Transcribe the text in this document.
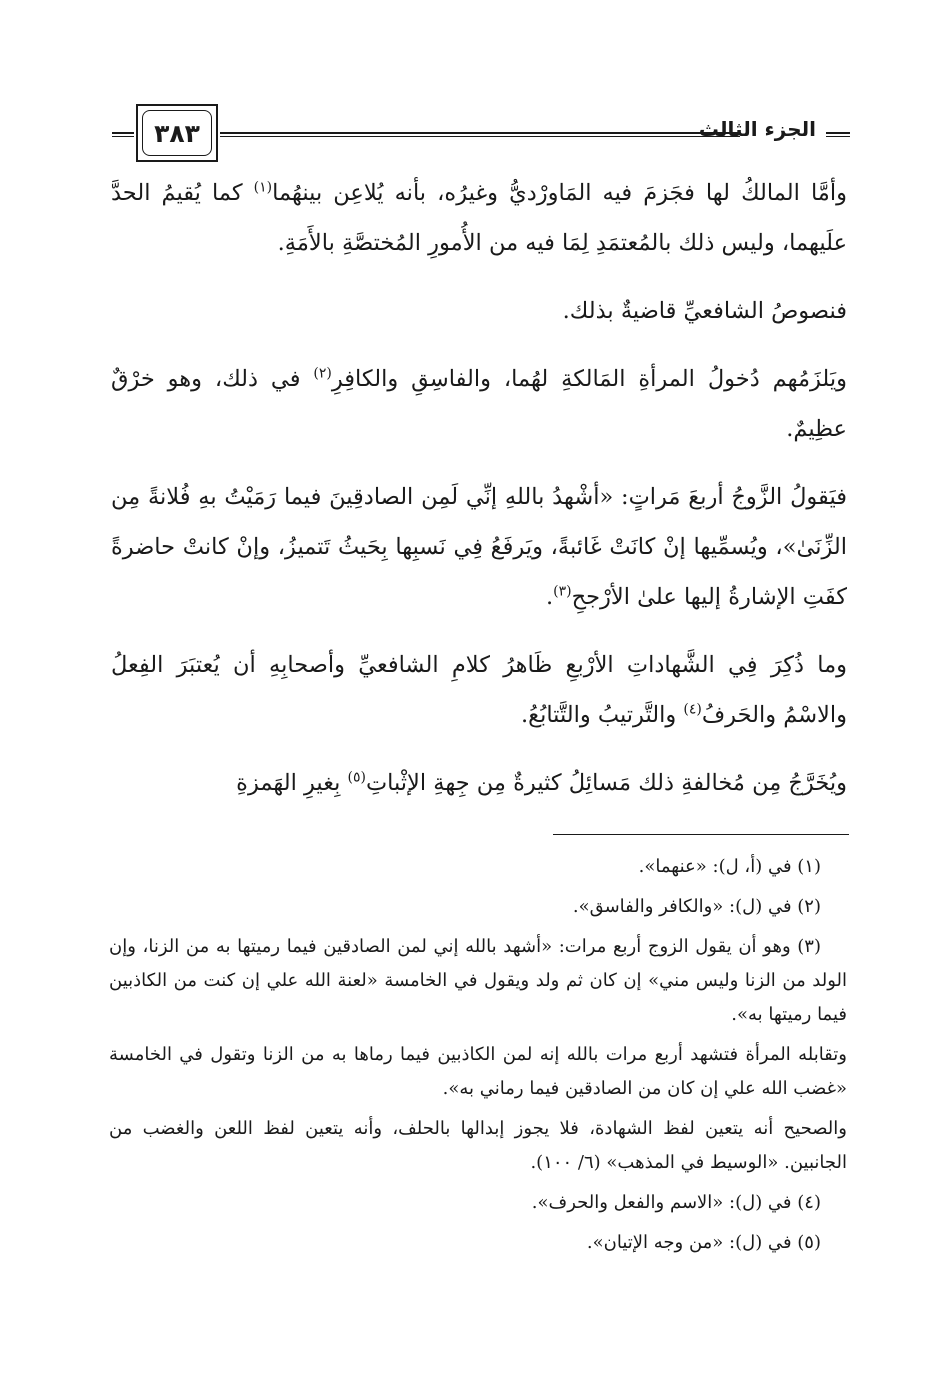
٣٨٣	الجزء الثالث

وأمَّا المالكُ لها فجَزمَ فيه المَاورْديُّ وغيرُه، بأنه يُلاعِن بينهُما$^{(١)}$ كما يُقيمُ الحدَّ علَيهما، وليس ذلك بالمُعتمَدِ لِمَا فيه من الأُمورِ المُختصَّةِ بالأَمَةِ.

فنصوصُ الشافعيِّ قاضيةٌ بذلك.

ويَلزَمُهم دُخولُ المرأةِ المَالكةِ لهُما، والفاسِقِ والكافِرِ$^{(٢)}$ في ذلك، وهو خرْقٌ عظِيمٌ.

فيَقولُ الزَّوجُ أربعَ مَراتٍ: «أشْهدُ باللهِ إنِّي لَمِن الصادقِينَ فيما رَمَيْتُ بهِ فُلانةً مِن الزِّنَىٰ»، ويُسمِّيها إنْ كانَتْ غَائبةً، ويَرفَعُ فِي نَسبِها بِحَيثُ تَتميزُ، وإنْ كانتْ حاضرةً كفَتِ الإشارةُ إليها علىٰ الأرْجحِ$^{(٣)}$.

وما ذُكِرَ فِي الشَّهاداتِ الأرْبعِ ظَاهرُ كلامِ الشافعيِّ وأصحابِهِ أن يُعتبَرَ الفِعلُ والاسْمُ والحَرفُ$^{(٤)}$ والتَّرتيبُ والتَّتابُعُ.

ويُخَرَّجُ مِن مُخالفةِ ذلك مَسائِلُ كثيرةٌ مِن جِهةِ الإثْباتِ$^{(٥)}$ بِغيرِ الهَمزةِ

(١) في (أ، ل): «عنهما».

(٢) في (ل): «والكافر والفاسق».

(٣) وهو أن يقول الزوج أربع مرات: «أشهد بالله إني لمن الصادقين فيما رميتها به من الزنا، وإن الولد من الزنا وليس مني» إن كان ثم ولد ويقول في الخامسة «لعنة الله علي إن كنت من الكاذبين فيما رميتها به».

وتقابله المرأة فتشهد أربع مرات بالله إنه لمن الكاذبين فيما رماها به من الزنا وتقول في الخامسة «غضب الله علي إن كان من الصادقين فيما رماني به».

والصحيح أنه يتعين لفظ الشهادة، فلا يجوز إبدالها بالحلف، وأنه يتعين لفظ اللعن والغضب من الجانبين. «الوسيط في المذهب» (٦/ ١٠٠).

(٤) في (ل): «الاسم والفعل والحرف».

(٥) في (ل): «من وجه الإتيان».
